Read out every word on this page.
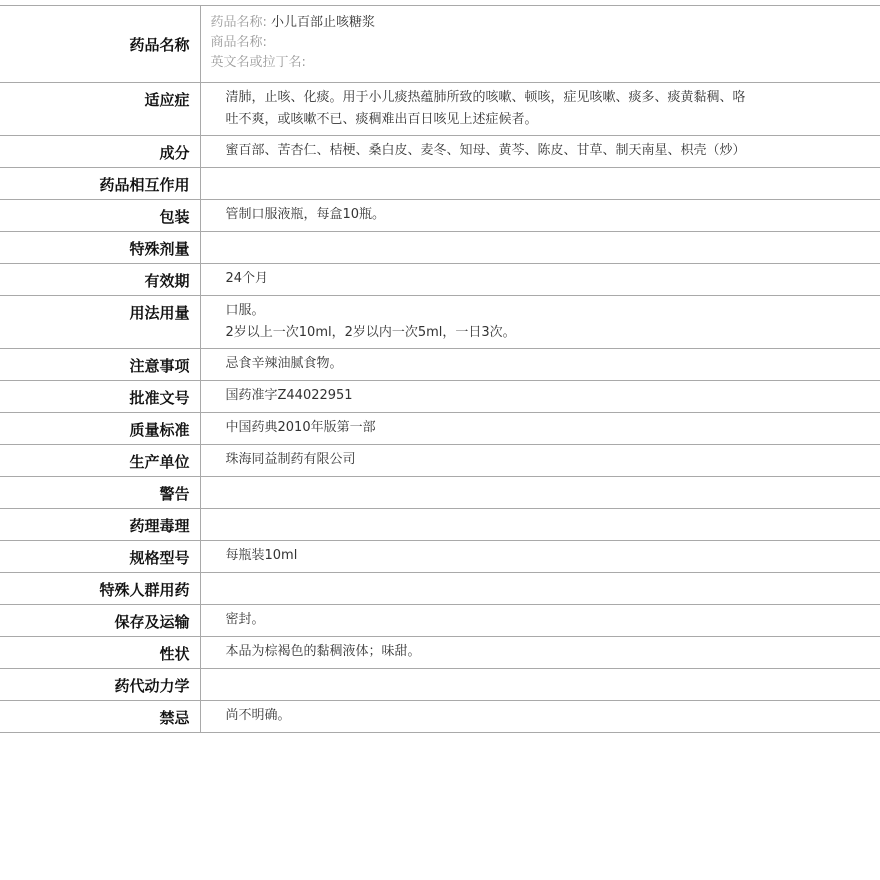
药品名称	药品名称: 小儿百部止咳糖浆
商品名称:
英文名或拉丁名:

适应症	清肺，止咳、化痰。用于小儿痰热蕴肺所致的咳嗽、顿咳，症见咳嗽、痰多、痰黄黏稠、咯
吐不爽，或咳嗽不已、痰稠难出百日咳见上述症候者。

成分	蜜百部、苦杏仁、桔梗、桑白皮、麦冬、知母、黄芩、陈皮、甘草、制天南星、枳壳（炒）
药品相互作用	
包装	管制口服液瓶，每盒10瓶。
特殊剂量	
有效期	24个月
用法用量	口服。
2岁以上一次10ml，2岁以内一次5ml，一日3次。

注意事项	忌食辛辣油腻食物。
批准文号	国药准字Z44022951
质量标准	中国药典2010年版第一部
生产单位	珠海同益制药有限公司
警告	
药理毒理	
规格型号	每瓶装10ml
特殊人群用药	
保存及运输	密封。
性状	本品为棕褐色的黏稠液体；味甜。
药代动力学	
禁忌	尚不明确。
